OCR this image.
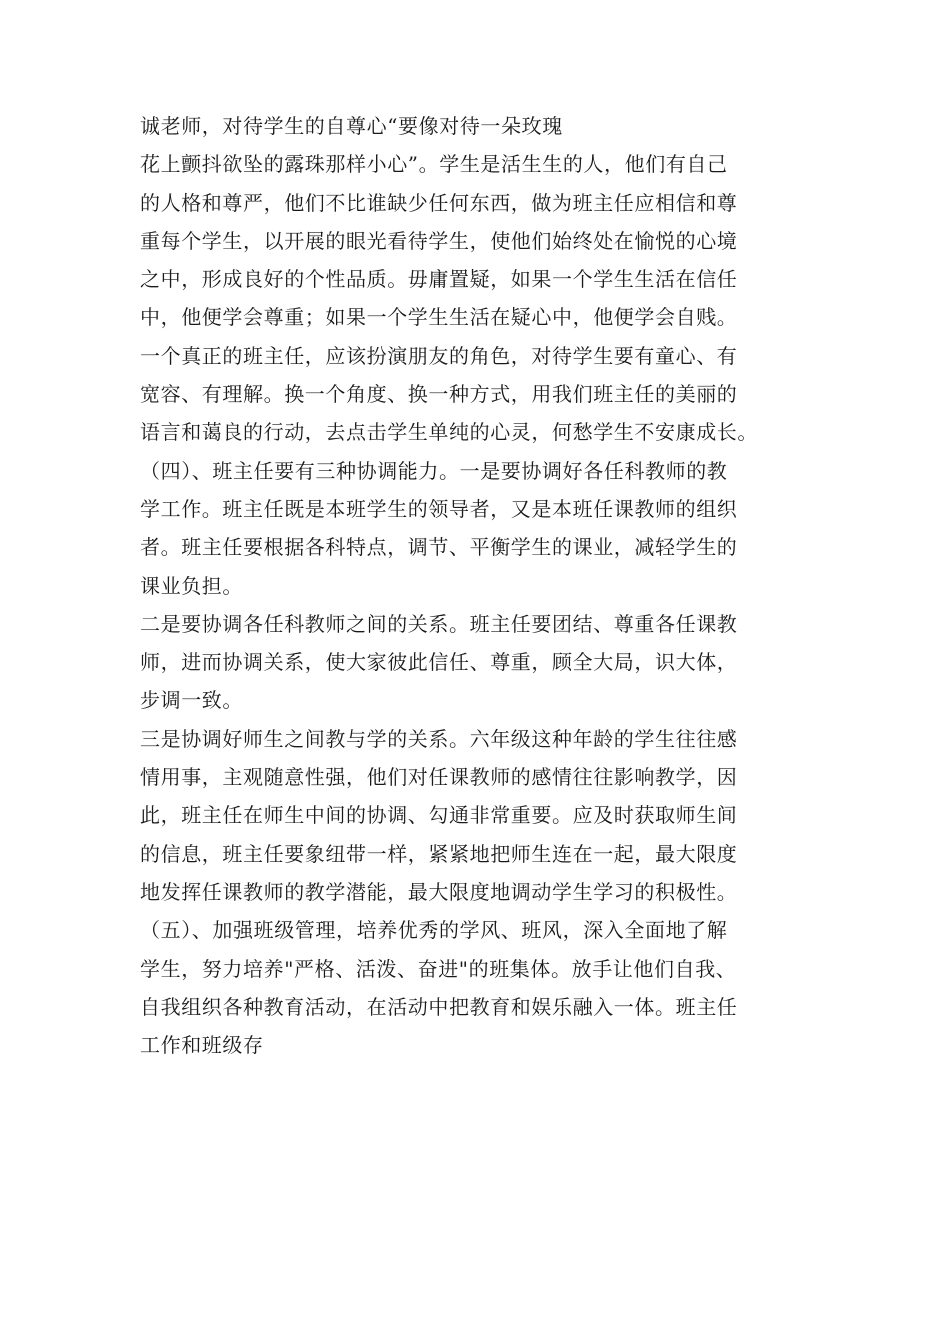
诚老师，对待学生的自尊心“要像对待一朵玫瑰
花上颤抖欲坠的露珠那样小心”。学生是活生生的人，他们有自己
的人格和尊严，他们不比谁缺少任何东西，做为班主任应相信和尊
重每个学生，以开展的眼光看待学生，使他们始终处在愉悦的心境
之中，形成良好的个性品质。毋庸置疑，如果一个学生生活在信任
中，他便学会尊重；如果一个学生生活在疑心中，他便学会自贱。
一个真正的班主任，应该扮演朋友的角色，对待学生要有童心、有
宽容、有理解。换一个角度、换一种方式，用我们班主任的美丽的
语言和蔼良的行动，去点击学生单纯的心灵，何愁学生不安康成长。
（四）、班主任要有三种协调能力。一是要协调好各任科教师的教
学工作。班主任既是本班学生的领导者，又是本班任课教师的组织
者。班主任要根据各科特点，调节、平衡学生的课业，减轻学生的
课业负担。
二是要协调各任科教师之间的关系。班主任要团结、尊重各任课教
师，进而协调关系，使大家彼此信任、尊重，顾全大局，识大体，
步调一致。
三是协调好师生之间教与学的关系。六年级这种年龄的学生往往感
情用事，主观随意性强，他们对任课教师的感情往往影响教学，因
此，班主任在师生中间的协调、勾通非常重要。应及时获取师生间
的信息，班主任要象纽带一样，紧紧地把师生连在一起，最大限度
地发挥任课教师的教学潜能，最大限度地调动学生学习的积极性。
（五）、加强班级管理，培养优秀的学风、班风，深入全面地了解
学生，努力培养"严格、活泼、奋进"的班集体。放手让他们自我、
自我组织各种教育活动，在活动中把教育和娱乐融入一体。班主任
工作和班级存
